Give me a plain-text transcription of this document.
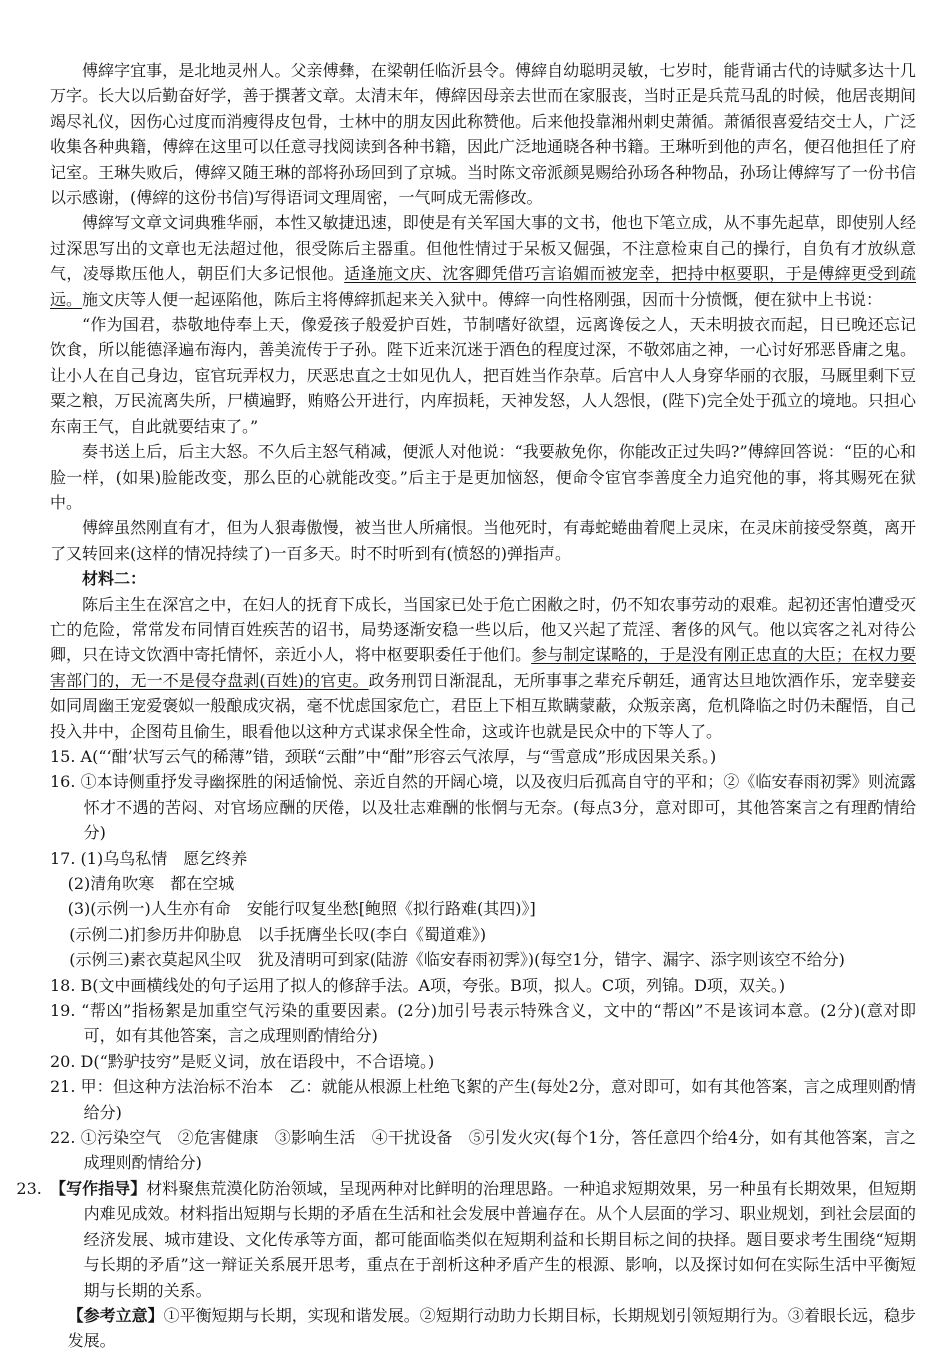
傅縡字宜事，是北地灵州人。父亲傅彝，在梁朝任临沂县令。傅縡自幼聪明灵敏，七岁时，能背诵古代的诗赋多达十几万字。长大以后勤奋好学，善于撰著文章。太清末年，傅縡因母亲去世而在家服丧，当时正是兵荒马乱的时候，他居丧期间竭尽礼仪，因伤心过度而消瘦得皮包骨，士林中的朋友因此称赞他。后来他投靠湘州刺史萧循。萧循很喜爱结交士人，广泛收集各种典籍，傅縡在这里可以任意寻找阅读到各种书籍，因此广泛地通晓各种书籍。王琳听到他的声名，便召他担任了府记室。王琳失败后，傅縡又随王琳的部将孙玚回到了京城。当时陈文帝派颜晃赐给孙玚各种物品，孙玚让傅縡写了一份书信以示感谢，(傅縡的这份书信)写得语词文理周密，一气呵成无需修改。

傅縡写文章文词典雅华丽，本性又敏捷迅速，即使是有关军国大事的文书，他也下笔立成，从不事先起草，即使别人经过深思写出的文章也无法超过他，很受陈后主器重。但他性情过于呆板又倔强，不注意检束自己的操行，自负有才放纵意气，凌辱欺压他人，朝臣们大多记恨他。适逢施文庆、沈客卿凭借巧言谄媚而被宠幸，把持中枢要职，于是傅縡更受到疏远。施文庆等人便一起诬陷他，陈后主将傅縡抓起来关入狱中。傅縡一向性格刚强，因而十分愤慨，便在狱中上书说：

“作为国君，恭敬地侍奉上天，像爱孩子般爱护百姓，节制嗜好欲望，远离谗佞之人，天未明披衣而起，日已晚还忘记饮食，所以能德泽遍布海内，善美流传于子孙。陛下近来沉迷于酒色的程度过深，不敬郊庙之神，一心讨好邪恶昏庸之鬼。让小人在自己身边，宦官玩弄权力，厌恶忠直之士如见仇人，把百姓当作杂草。后宫中人人身穿华丽的衣服，马厩里剩下豆粟之粮，万民流离失所，尸横遍野，贿赂公开进行，内库损耗，天神发怒，人人怨恨，(陛下)完全处于孤立的境地。只担心东南王气，自此就要结束了。”

奏书送上后，后主大怒。不久后主怒气稍减，便派人对他说：“我要赦免你，你能改正过失吗?”傅縡回答说：“臣的心和脸一样，(如果)脸能改变，那么臣的心就能改变。”后主于是更加恼怒，便命令宦官李善度全力追究他的事，将其赐死在狱中。

傅縡虽然刚直有才，但为人狠毒傲慢，被当世人所痛恨。当他死时，有毒蛇蜷曲着爬上灵床，在灵床前接受祭奠，离开了又转回来(这样的情况持续了)一百多天。时不时听到有(愤怒的)弹指声。

材料二：

陈后主生在深宫之中，在妇人的抚育下成长，当国家已处于危亡困敝之时，仍不知农事劳动的艰难。起初还害怕遭受灭亡的危险，常常发布同情百姓疾苦的诏书，局势逐渐安稳一些以后，他又兴起了荒淫、奢侈的风气。他以宾客之礼对待公卿，只在诗文饮酒中寄托情怀，亲近小人，将中枢要职委任于他们。参与制定谋略的，于是没有刚正忠直的大臣；在权力要害部门的，无一不是侵夺盘剥(百姓)的官吏。政务刑罚日渐混乱，无所事事之辈充斥朝廷，通宵达旦地饮酒作乐，宠幸嬖妾如同周幽王宠爱褒姒一般酿成灾祸，毫不忧虑国家危亡，君臣上下相互欺瞒蒙蔽，众叛亲离，危机降临之时仍未醒悟，自己投入井中，企图苟且偷生，眼看他以这种方式谋求保全性命，这或许也就是民众中的下等人了。

15. A(“‘酣’状写云气的稀薄”错，颈联“云酣”中“酣”形容云气浓厚，与“雪意成”形成因果关系。)

16. ①本诗侧重抒发寻幽探胜的闲适愉悦、亲近自然的开阔心境，以及夜归后孤高自守的平和；②《临安春雨初霁》则流露怀才不遇的苦闷、对官场应酬的厌倦，以及壮志难酬的怅惘与无奈。(每点3分，意对即可，其他答案言之有理酌情给分)

17. (1)乌鸟私情　愿乞终养

(2)清角吹寒　都在空城

(3)(示例一)人生亦有命　安能行叹复坐愁[鲍照《拟行路难(其四)》]

(示例二)扪参历井仰胁息　以手抚膺坐长叹(李白《蜀道难》)

(示例三)素衣莫起风尘叹　犹及清明可到家(陆游《临安春雨初霁》)(每空1分，错字、漏字、添字则该空不给分)

18. B(文中画横线处的句子运用了拟人的修辞手法。A项，夸张。B项，拟人。C项，列锦。D项，双关。)

19. “帮凶”指杨絮是加重空气污染的重要因素。(2分)加引号表示特殊含义，文中的“帮凶”不是该词本意。(2分)(意对即可，如有其他答案，言之成理则酌情给分)

20. D(“黔驴技穷”是贬义词，放在语段中，不合语境。)

21. 甲：但这种方法治标不治本　乙：就能从根源上杜绝飞絮的产生(每处2分，意对即可，如有其他答案，言之成理则酌情给分)

22. ①污染空气　②危害健康　③影响生活　④干扰设备　⑤引发火灾(每个1分，答任意四个给4分，如有其他答案，言之成理则酌情给分)

23. 【写作指导】材料聚焦荒漠化防治领域，呈现两种对比鲜明的治理思路。一种追求短期效果，另一种虽有长期效果，但短期内难见成效。材料指出短期与长期的矛盾在生活和社会发展中普遍存在。从个人层面的学习、职业规划，到社会层面的经济发展、城市建设、文化传承等方面，都可能面临类似在短期利益和长期目标之间的抉择。题目要求考生围绕“短期与长期的矛盾”这一辩证关系展开思考，重点在于剖析这种矛盾产生的根源、影响，以及探讨如何在实际生活中平衡短期与长期的关系。

【参考立意】①平衡短期与长期，实现和谐发展。②短期行动助力长期目标，长期规划引领短期行为。③着眼长远，稳步发展。
